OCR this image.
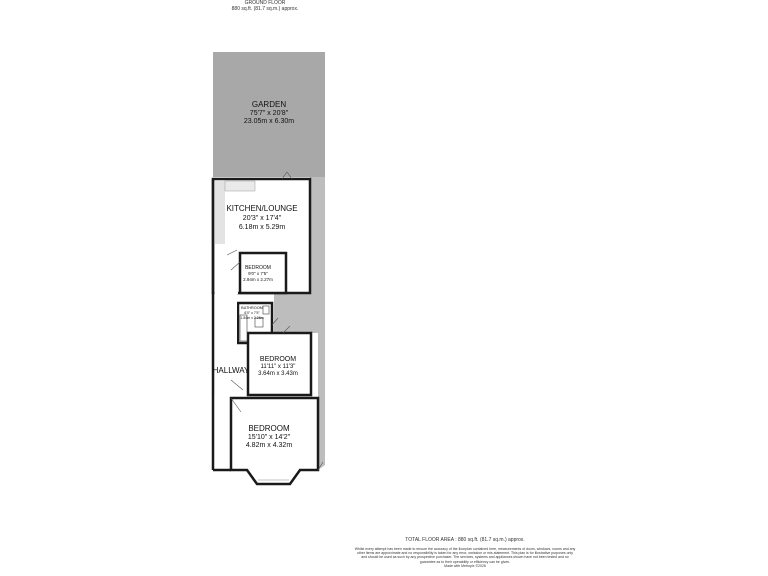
GROUND FLOOR
880 sq.ft. (81.7 sq.m.) approx.
GARDEN
75'7" x 20'8"
23.05m x 6.30m
KITCHEN/LOUNGE
20'3" x 17'4"
6.18m x 5.29m
BEDROOM
9'0" x 7'5"
2.94m x 2.27m
BATHROOM
6'0" x 7'5"
1.84m x 2.26m
BEDROOM
11'11" x 11'3"
3.64m x 3.43m
HALLWAY
BEDROOM
15'10" x 14'2"
4.82m x 4.32m
TOTAL FLOOR AREA : 880 sq.ft. (81.7 sq.m.) approx.
Whilst every attempt has been made to ensure the accuracy of the floorplan contained here, measurements of doors, windows, rooms and any other items are approximate and no responsibility is taken for any error, omission or mis-statement. This plan is for illustrative purposes only and should be used as such by any prospective purchaser. The services, systems and appliances shown have not been tested and no guarantee as to their operability or efficiency can be given.
Made with Metropix ©2026
